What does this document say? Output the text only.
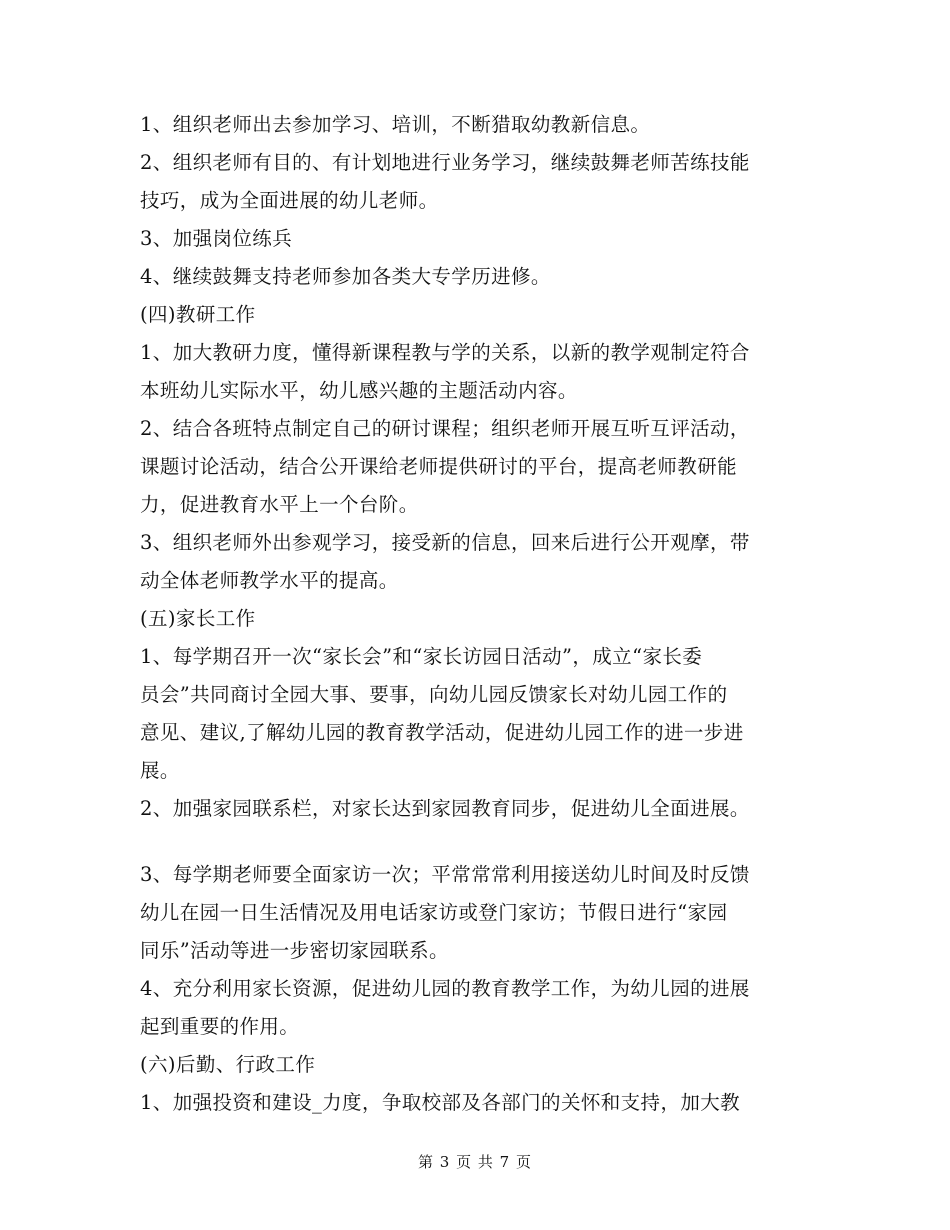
1、组织老师出去参加学习、培训，不断猎取幼教新信息。
2、组织老师有目的、有计划地进行业务学习，继续鼓舞老师苦练技能
技巧，成为全面进展的幼儿老师。
3、加强岗位练兵
4、继续鼓舞支持老师参加各类大专学历进修。
(四)教研工作
1、加大教研力度，懂得新课程教与学的关系，以新的教学观制定符合
本班幼儿实际水平，幼儿感兴趣的主题活动内容。
2、结合各班特点制定自己的研讨课程；组织老师开展互听互评活动，
课题讨论活动，结合公开课给老师提供研讨的平台，提高老师教研能
力，促进教育水平上一个台阶。
3、组织老师外出参观学习，接受新的信息，回来后进行公开观摩，带
动全体老师教学水平的提高。
(五)家长工作
1、每学期召开一次“家长会”和“家长访园日活动”，成立“家长委
员会”共同商讨全园大事、要事，向幼儿园反馈家长对幼儿园工作的
意见、建议,了解幼儿园的教育教学活动，促进幼儿园工作的进一步进
展。
2、加强家园联系栏，对家长达到家园教育同步，促进幼儿全面进展。
3、每学期老师要全面家访一次；平常常常利用接送幼儿时间及时反馈
幼儿在园一日生活情况及用电话家访或登门家访；节假日进行“家园
同乐”活动等进一步密切家园联系。
4、充分利用家长资源，促进幼儿园的教育教学工作，为幼儿园的进展
起到重要的作用。
(六)后勤、行政工作
1、加强投资和建设_力度，争取校部及各部门的关怀和支持，加大教
第 3 页 共 7 页
